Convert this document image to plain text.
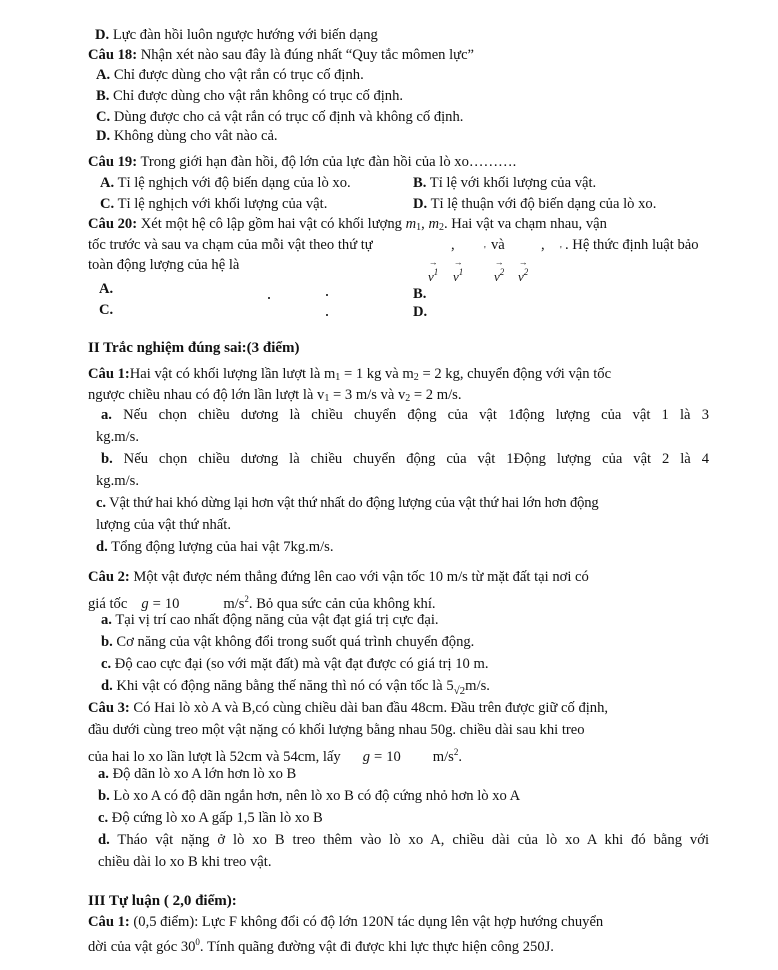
D. Lực đàn hồi luôn ngược hướng với biến dạng
Câu 18: Nhận xét nào sau đây là đúng nhất “Quy tắc mômen lực”
A. Chỉ được dùng cho vật rắn có trục cố định.
B. Chỉ được dùng cho vật rắn không có trục cố định.
C. Dùng được cho cả vật rắn có trục cố định và không cố định.
D. Không dùng cho vât nào cả.
Câu 19: Trong giới hạn đàn hồi, độ lớn của lực đàn hồi của lò xo……….
A. Tỉ lệ nghịch với độ biến dạng của lò xo.	B. Tỉ lệ với khối lượng của vật.
C. Tỉ lệ nghịch với khối lượng của vật.	D. Tỉ lệ thuận với độ biến dạng của lò xo.
Câu 20: Xét một hệ cô lập gồm hai vật có khối lượng $m_1$, $m_2$. Hai vật va chạm nhau, vận
tốc trước và sau va chạm của mỗi vật theo thứ tự	, và , . Hệ thức định luật bảo
'	'
toàn động lượng của hệ là	→
$v^1$
→
$v^1$
→
$v^2$
→
$v^2$
A.	B.
C.	D.
II Trắc nghiệm đúng sai:(3 điểm)
Câu 1:Hai vật có khối lượng lần lượt là $m_1 = 1$ kg và $m_2 = 2$ kg, chuyển động với vận tốc
ngược chiều nhau có độ lớn lần lượt là $v_1 = 3$ m/s và $v_2 = 2$ m/s.
a. Nếu chọn chiều dương là chiều chuyển động của vật 1động lượng của vật 1 là 3
kg.m/s.
b. Nếu chọn chiều dương là chiều chuyển động của vật 1Động lượng của vật 2 là 4
kg.m/s.
c. Vật thứ hai khó dừng lại hơn vật thứ nhất do động lượng của vật thứ hai lớn hơn động
lượng của vật thứ nhất.
d. Tổng động lượng của hai vật 7kg.m/s.
Câu 2: Một vật được ném thẳng đứng lên cao với vận tốc 10 m/s từ mặt đất tại nơi có
giá tốc g = 10	$m/s^2$. Bỏ qua sức cản của không khí.
a. Tại vị trí cao nhất động năng của vật đạt giá trị cực đại.
b. Cơ năng của vật không đổi trong suốt quá trình chuyển động.
c. Độ cao cực đại (so với mặt đất) mà vật đạt được có giá trị 10 m.
d. Khi vật có động năng bằng thế năng thì nó có vận tốc là $5_{√2}m/s$.
Câu 3: Có Hai lò xò A và B,có cùng chiều dài ban đầu 48cm. Đầu trên được giữ cố định,
đầu dưới cùng treo một vật nặng có khối lượng bằng nhau 50g. chiều dài sau khi treo
của hai lo xo lần lượt là 52cm và 54cm, lấy g = 10 $m/s^2$.
a. Độ dãn lò xo A lớn hơn lò xo B
b. Lò xo A có độ dãn ngắn hơn, nên lò xo B có độ cứng nhỏ hơn lò xo A
c. Độ cứng lò xo A gấp 1,5 lần lò xo B
d. Tháo vật nặng ở lò xo B treo thêm vào lò xo A, chiều dài của lò xo A khi đó bằng với
chiều dài lo xo B khi treo vật.
III Tự luận ( 2,0 điểm):
Câu 1: (0,5 điểm): Lực F không đổi có độ lớn 120N tác dụng lên vật hợp hướng chuyển
dời của vật góc $30^0$. Tính quãng đường vật đi được khi lực thực hiện công 250J.
